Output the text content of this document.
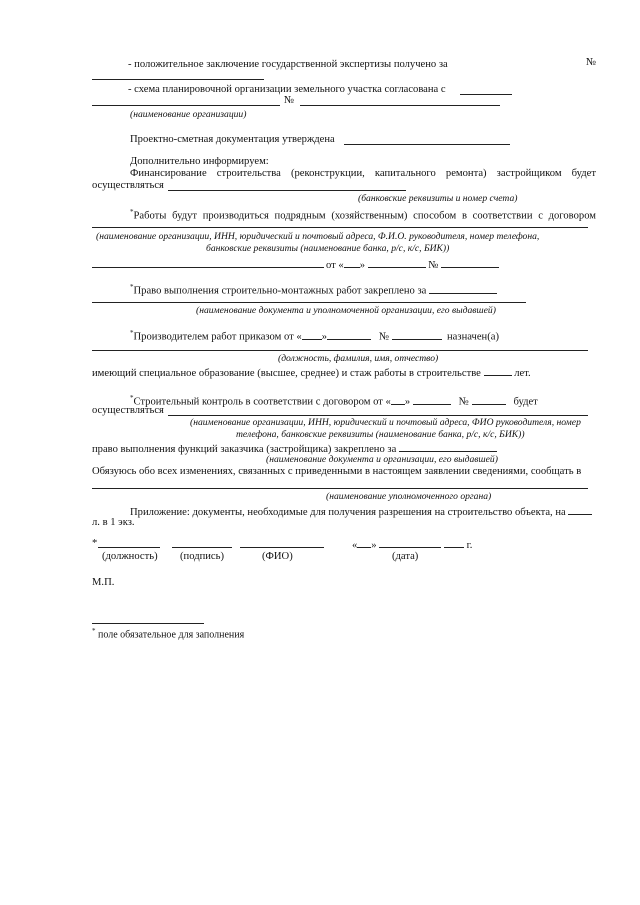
№
- положительное заключение государственной экспертизы получено за
- схема планировочной организации земельного участка согласована с
№
(наименование организации)
Проектно-сметная документация утверждена
Дополнительно информируем:
Финансирование строительства (реконструкции, капитального ремонта) застройщиком будет
осуществляться
(банковские реквизиты и номер счета)
*Работы будут производиться подрядным (хозяйственным) способом в соответствии с договором
(наименование организации, ИНН, юридический и почтовый адреса, Ф.И.О. руководителя, номер телефона,
банковские реквизиты (наименование банка, р/с, к/с, БИК))
от « »	№
*Право выполнения строительно-монтажных работ закреплено за
(наименование документа и уполномоченной организации, его выдавшей)
*Производителем работ приказом от « »	№	назначен(а)
(должность, фамилия, имя, отчество)
имеющий специальное образование (высшее, среднее) и стаж работы в строительстве	лет.
*Строительный контроль в соответствии с договором от « »	№	будет
осуществляться
(наименование организации, ИНН, юридический и почтовый адреса, ФИО руководителя, номер
телефона, банковские реквизиты (наименование банка, р/с, к/с, БИК))
право выполнения функций заказчика (застройщика) закреплено за
(наименование документа и организации, его выдавшей)
Обязуюсь обо всех изменениях, связанных с приведенными в настоящем заявлении сведениями, сообщать в
(наименование уполномоченного органа)
Приложение: документы, необходимые для получения разрешения на строительство объекта, на
л. в 1 экз.
*	« »	г.
(должность) (подпись)	(ФИО)	(дата)
М.П.
* поле обязательное для заполнения
